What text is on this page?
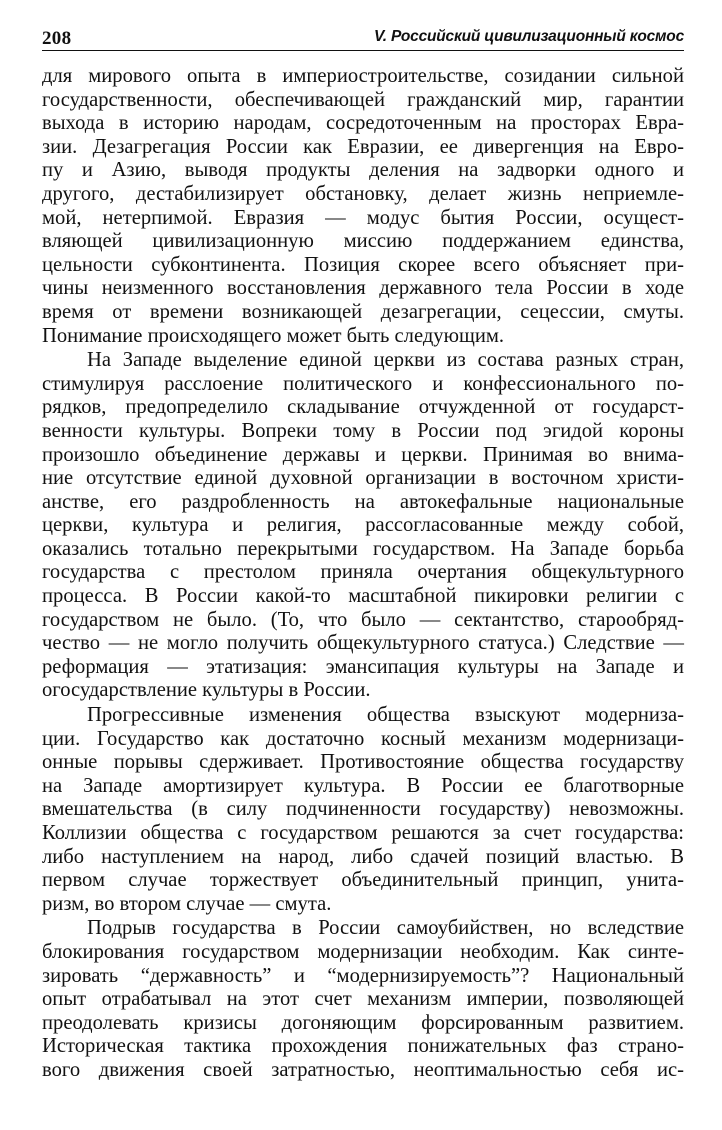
208	V. Российский цивилизационный космос
для мирового опыта в империостроительстве, созидании сильной
государственности, обеспечивающей гражданский мир, гарантии
выхода в историю народам, сосредоточенным на просторах Евра-
зии. Дезагрегация России как Евразии, ее дивергенция на Евро-
пу и Азию, выводя продукты деления на задворки одного и
другого, дестабилизирует обстановку, делает жизнь неприемле-
мой, нетерпимой. Евразия — модус бытия России, осущест-
вляющей цивилизационную миссию поддержанием единства,
цельности субконтинента. Позиция скорее всего объясняет при-
чины неизменного восстановления державного тела России в ходе
время от времени возникающей дезагрегации, сецессии, смуты.
Понимание происходящего может быть следующим.
На Западе выделение единой церкви из состава разных стран,
стимулируя расслоение политического и конфессионального по-
рядков, предопределило складывание отчужденной от государст-
венности культуры. Вопреки тому в России под эгидой короны
произошло объединение державы и церкви. Принимая во внима-
ние отсутствие единой духовной организации в восточном христи-
анстве, его раздробленность на автокефальные национальные
церкви, культура и религия, рассогласованные между собой,
оказались тотально перекрытыми государством. На Западе борьба
государства с престолом приняла очертания общекультурного
процесса. В России какой-то масштабной пикировки религии с
государством не было. (То, что было — сектантство, старообряд-
чество — не могло получить общекультурного статуса.) Следствие —
реформация — этатизация: эмансипация культуры на Западе и
огосударствление культуры в России.
Прогрессивные изменения общества взыскуют модерниза-
ции. Государство как достаточно косный механизм модернизаци-
онные порывы сдерживает. Противостояние общества государству
на Западе амортизирует культура. В России ее благотворные
вмешательства (в силу подчиненности государству) невозможны.
Коллизии общества с государством решаются за счет государства:
либо наступлением на народ, либо сдачей позиций властью. В
первом случае торжествует объединительный принцип, унита-
ризм, во втором случае — смута.
Подрыв государства в России самоубийствен, но вследствие
блокирования государством модернизации необходим. Как синте-
зировать “державность” и “модернизируемость”? Национальный
опыт отрабатывал на этот счет механизм империи, позволяющей
преодолевать кризисы догоняющим форсированным развитием.
Историческая тактика прохождения понижательных фаз страно-
вого движения своей затратностью, неоптимальностью себя ис-
